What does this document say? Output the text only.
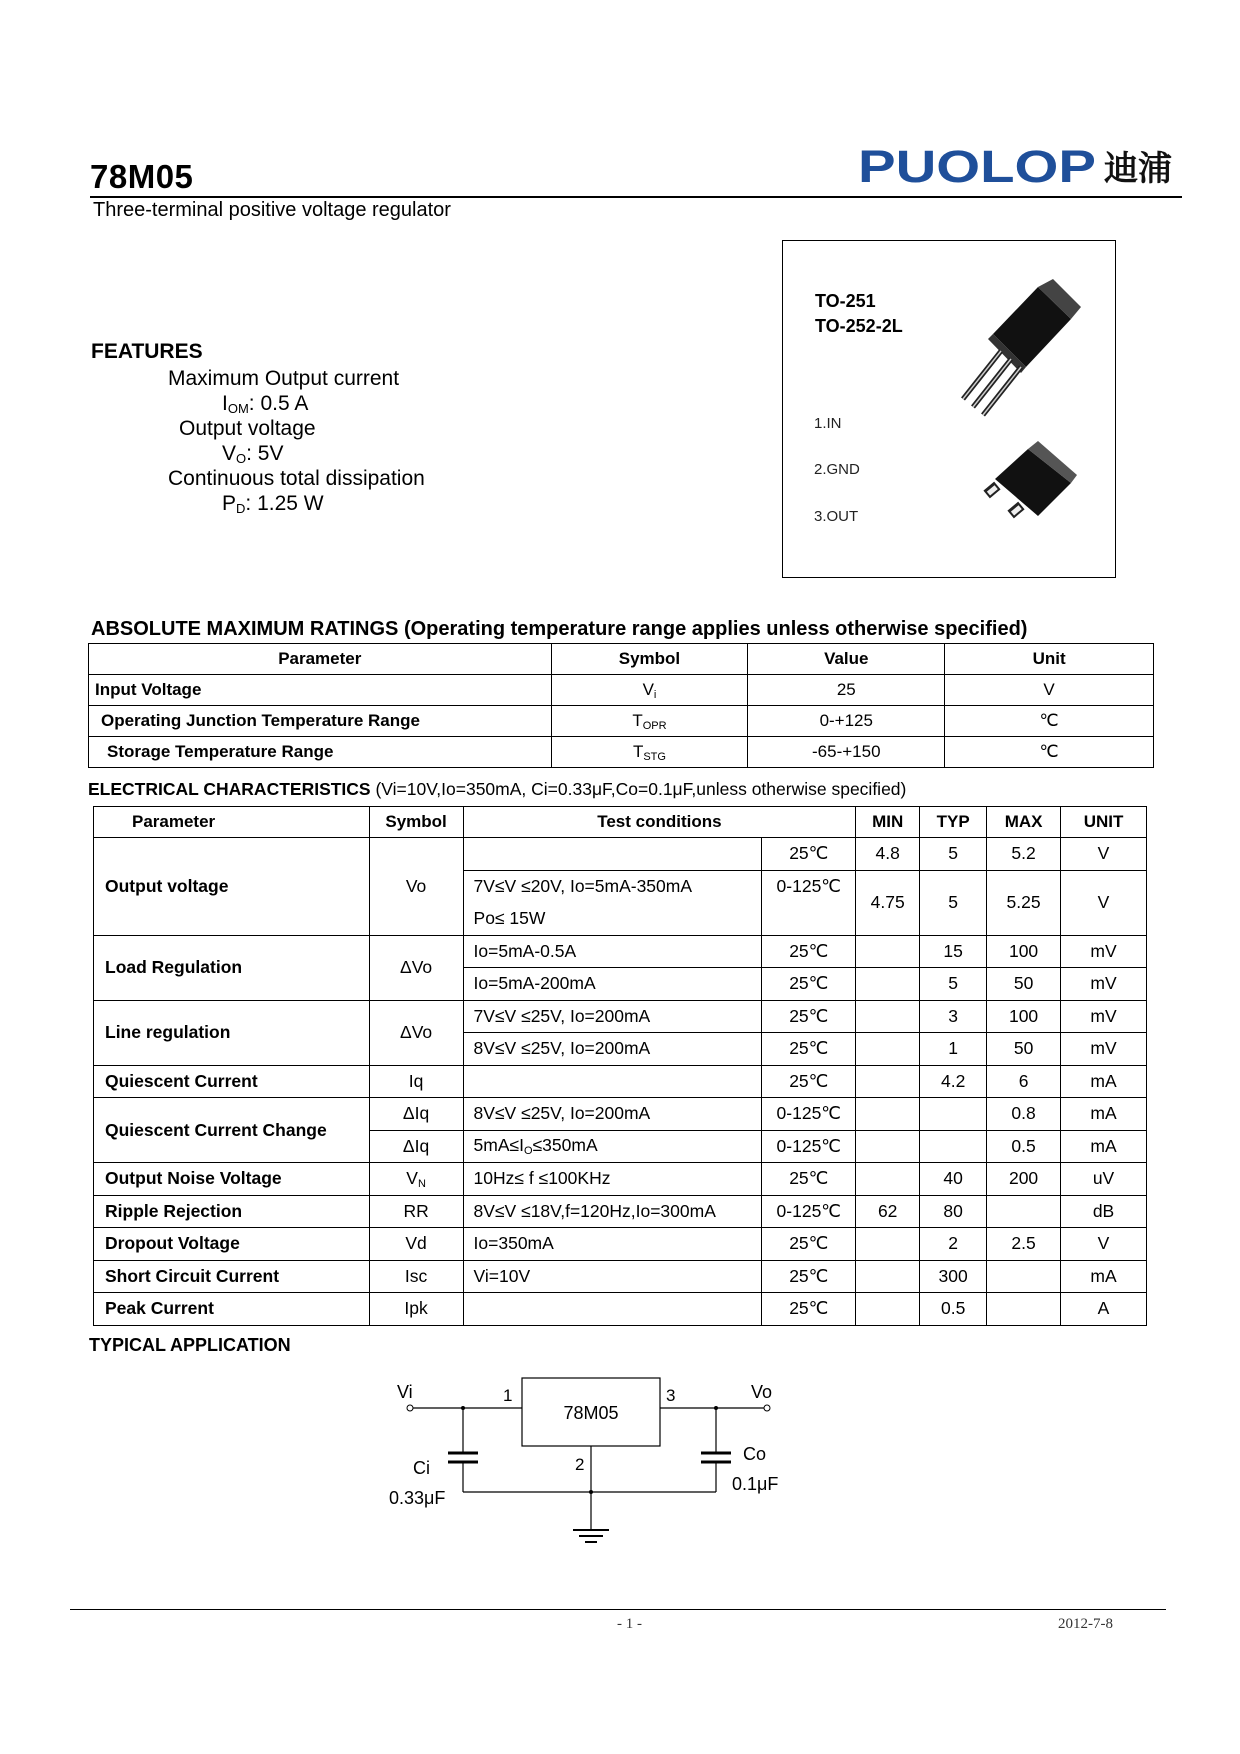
78M05
Three-terminal positive voltage regulator
PUOLOP 迪浦
FEATURES
Maximum Output current
$I_{OM}$: 0.5 A
Output voltage
$V_O$: 5V
Continuous total dissipation
$P_D$: 1.25 W
TO-251
TO-252-2L
1.IN
2.GND
3.OUT
ABSOLUTE MAXIMUM RATINGS (Operating temperature range applies unless otherwise specified)
Parameter	Symbol	Value	Unit
Input Voltage	$V_i$	25	V
Operating Junction Temperature Range	$T_{OPR}$	0-+125	℃
Storage Temperature Range	$T_{STG}$	-65-+150	℃
ELECTRICAL CHARACTERISTICS (Vi=10V,Io=350mA, Ci=0.33μF,Co=0.1μF,unless otherwise specified)
Parameter	Symbol	Test conditions		MIN	TYP	MAX	UNIT
Output voltage	Vo		25℃	4.8	5	5.2	V
		7V≤V ≤20V, Io=5mA-350mA	0-125℃	4.75	5	5.25	V
		Po≤ 15W					
Load Regulation	ΔVo	Io=5mA-0.5A	25℃		15	100	mV
		Io=5mA-200mA	25℃		5	50	mV
Line regulation	ΔVo	7V≤V ≤25V, Io=200mA	25℃		3	100	mV
		8V≤V ≤25V, Io=200mA	25℃		1	50	mV
Quiescent Current	Iq		25℃		4.2	6	mA
Quiescent Current Change	ΔIq	8V≤V ≤25V, Io=200mA	0-125℃			0.8	mA
	ΔIq	$5mA\le I_O\le 350mA$	0-125℃			0.5	mA
Output Noise Voltage	$V_N$	10Hz≤ f ≤100KHz	25℃		40	200	uV
Ripple Rejection	RR	8V≤V ≤18V,f=120Hz,Io=300mA	0-125℃	62	80		dB
Dropout Voltage	Vd	Io=350mA	25℃		2	2.5	V
Short Circuit Current	Isc	Vi=10V	25℃		300		mA
Peak Current	Ipk		25℃		0.5		A
TYPICAL APPLICATION
78M05
Vi	1	Vo
3
Ci
0.33μF
Co
0.1μF
2
- 1 -	2012-7-8
